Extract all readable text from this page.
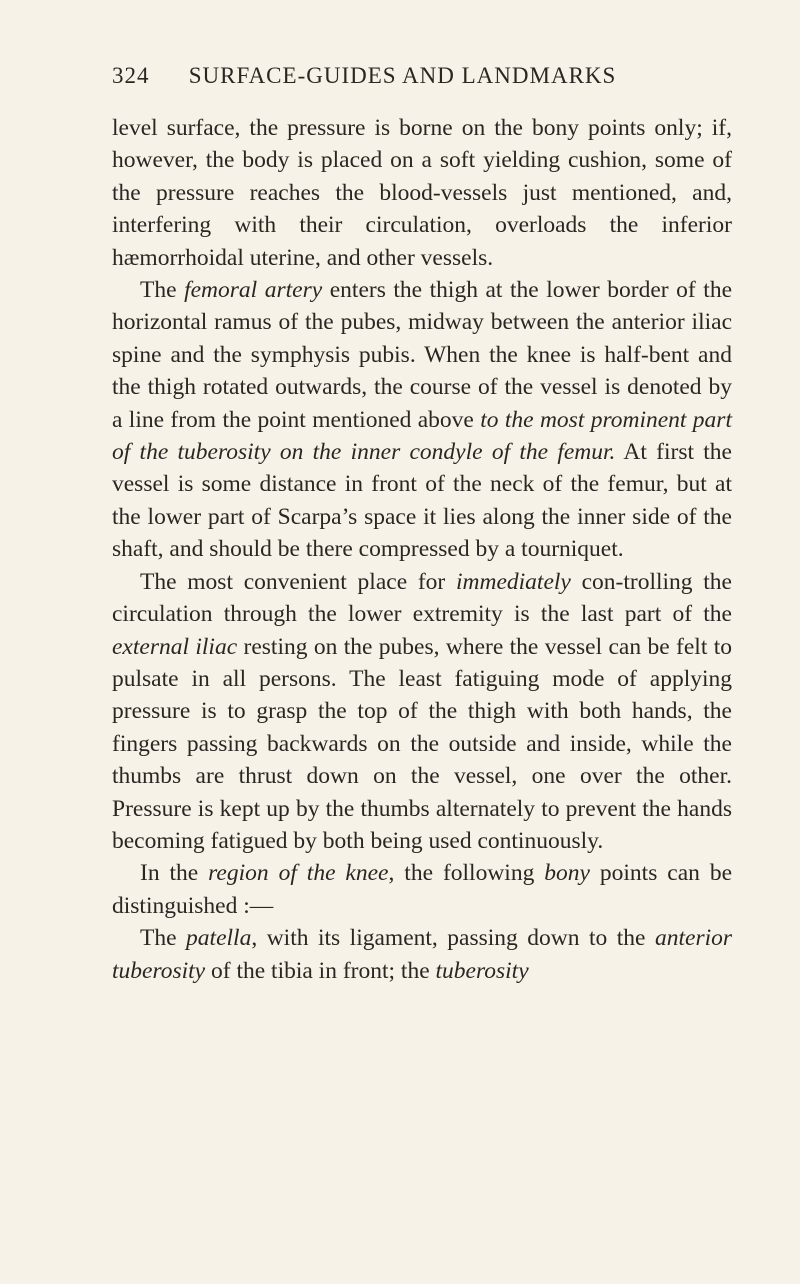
324 SURFACE-GUIDES AND LANDMARKS

level surface, the pressure is borne on the bony points only; if, however, the body is placed on a soft yielding cushion, some of the pressure reaches the blood-vessels just mentioned, and, interfering with their circulation, overloads the inferior hæmorrhoidal uterine, and other vessels.

The femoral artery enters the thigh at the lower border of the horizontal ramus of the pubes, midway between the anterior iliac spine and the symphysis pubis. When the knee is half-bent and the thigh rotated outwards, the course of the vessel is denoted by a line from the point mentioned above to the most prominent part of the tuberosity on the inner condyle of the femur. At first the vessel is some distance in front of the neck of the femur, but at the lower part of Scarpa’s space it lies along the inner side of the shaft, and should be there compressed by a tourniquet.

The most convenient place for immediately con-trolling the circulation through the lower extremity is the last part of the external iliac resting on the pubes, where the vessel can be felt to pulsate in all persons. The least fatiguing mode of applying pressure is to grasp the top of the thigh with both hands, the fingers passing backwards on the outside and inside, while the thumbs are thrust down on the vessel, one over the other. Pressure is kept up by the thumbs alternately to prevent the hands becoming fatigued by both being used continuously.

In the region of the knee, the following bony points can be distinguished :—

The patella, with its ligament, passing down to the anterior tuberosity of the tibia in front; the tuberosity
